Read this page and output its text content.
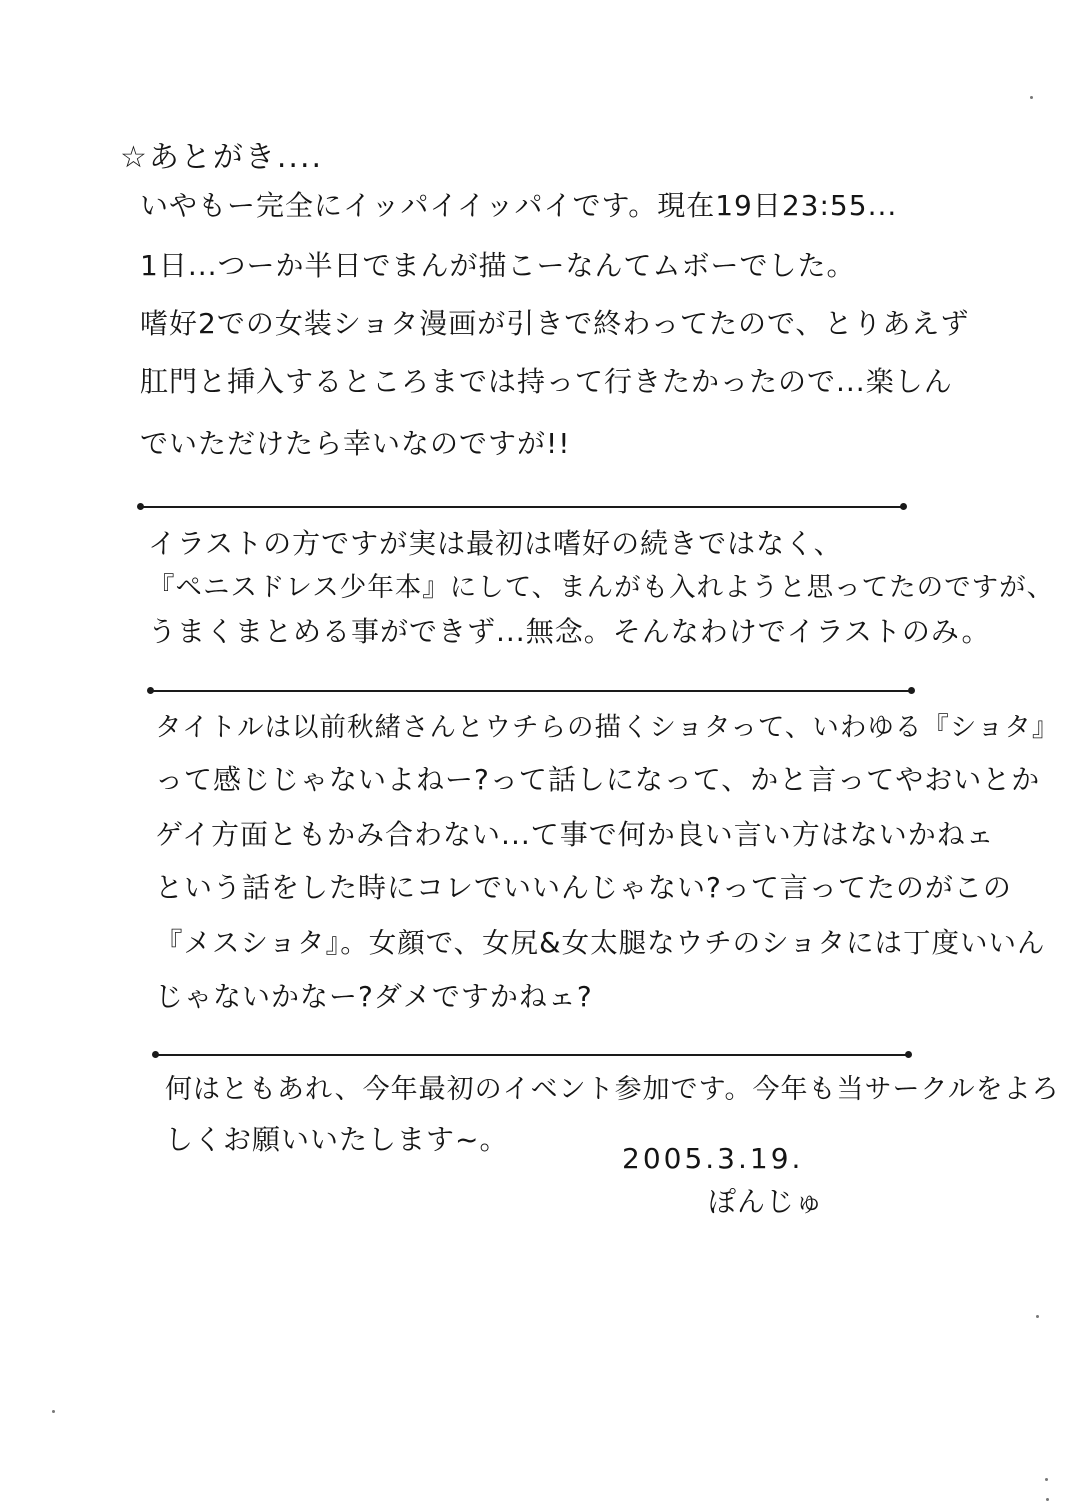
☆あとがき....
いやもー完全にイッパイイッパイです。現在19日23:55...
1日...つーか半日でまんが描こーなんてムボーでした。
嗜好2での女装ショタ漫画が引きで終わってたので、とりあえず
肛門と挿入するところまでは持って行きたかったので...楽しん
でいただけたら幸いなのですが!!
イラストの方ですが実は最初は嗜好の続きではなく、
『ペニスドレス少年本』にして、まんがも入れようと思ってたのですが、
うまくまとめる事ができず...無念。そんなわけでイラストのみ。
タイトルは以前秋緒さんとウチらの描くショタって、いわゆる『ショタ』
って感じじゃないよねー?って話しになって、かと言ってやおいとか
ゲイ方面ともかみ合わない...て事で何か良い言い方はないかねェ
という話をした時にコレでいいんじゃない?って言ってたのがこの
『メスショタ』。女顔で、女尻&女太腿なウチのショタには丁度いいん
じゃないかなー?ダメですかねェ?
何はともあれ、今年最初のイベント参加です。今年も当サークルをよろ
しくお願いいたします~。
2005.3.19.
ぽんじゅ
